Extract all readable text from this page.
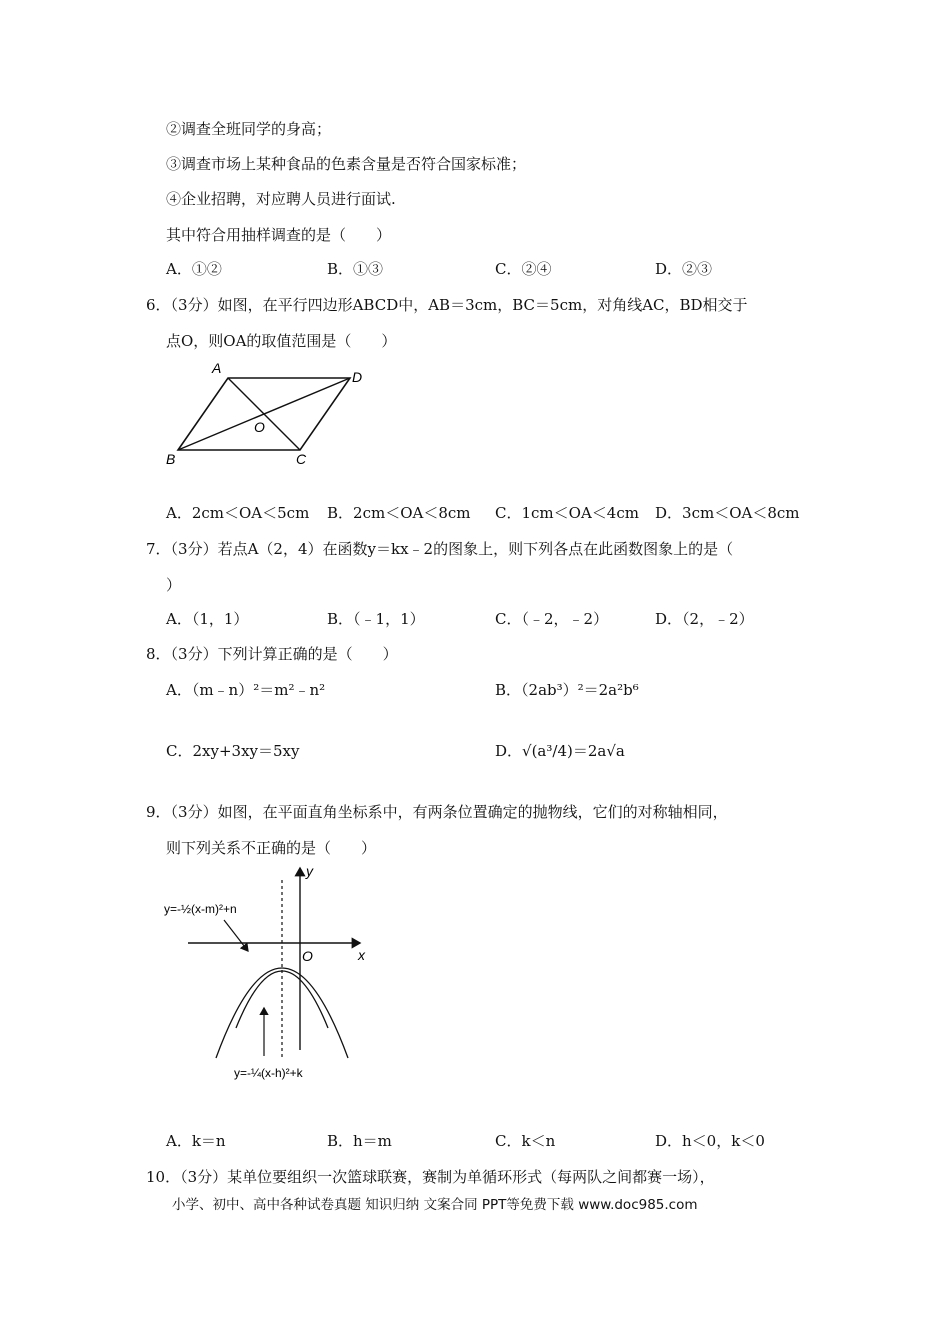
②调查全班同学的身高；
③调查市场上某种食品的色素含量是否符合国家标准；
④企业招聘，对应聘人员进行面试.
其中符合用抽样调查的是（　　）
A．①②	B．①③	C．②④	D．②③
6．（3分）如图，在平行四边形ABCD中，AB＝3cm，BC＝5cm，对角线AC，BD相交于
点O，则OA的取值范围是（　　）
A
D
B	C
O
A．2cm＜OA＜5cm B．2cm＜OA＜8cm C．1cm＜OA＜4cm D．3cm＜OA＜8cm
7．（3分）若点A（2，4）在函数y＝kx﹣2的图象上，则下列各点在此函数图象上的是（
）
A．（1，1）	B．（﹣1，1）	C．（﹣2，﹣2）	D．（2，﹣2）
8．（3分）下列计算正确的是（　　）
A．（m﹣n）²＝m²﹣n²	B．（2ab³）²＝2a²b⁶
C．2xy+3xy＝5xy	D．√(a³/4)＝2a√a
9．（3分）如图，在平面直角坐标系中，有两条位置确定的抛物线，它们的对称轴相同，
则下列关系不正确的是（　　）
y
x
O
y=-½(x-m)²+n
y=-¼(x-h)²+k
A．k＝n	B．h＝m	C．k＜n	D．h＜0，k＜0
10．（3分）某单位要组织一次篮球联赛，赛制为单循环形式（每两队之间都赛一场），
小学、初中、高中各种试卷真题 知识归纳 文案合同 PPT等免费下载 www.doc985.com
